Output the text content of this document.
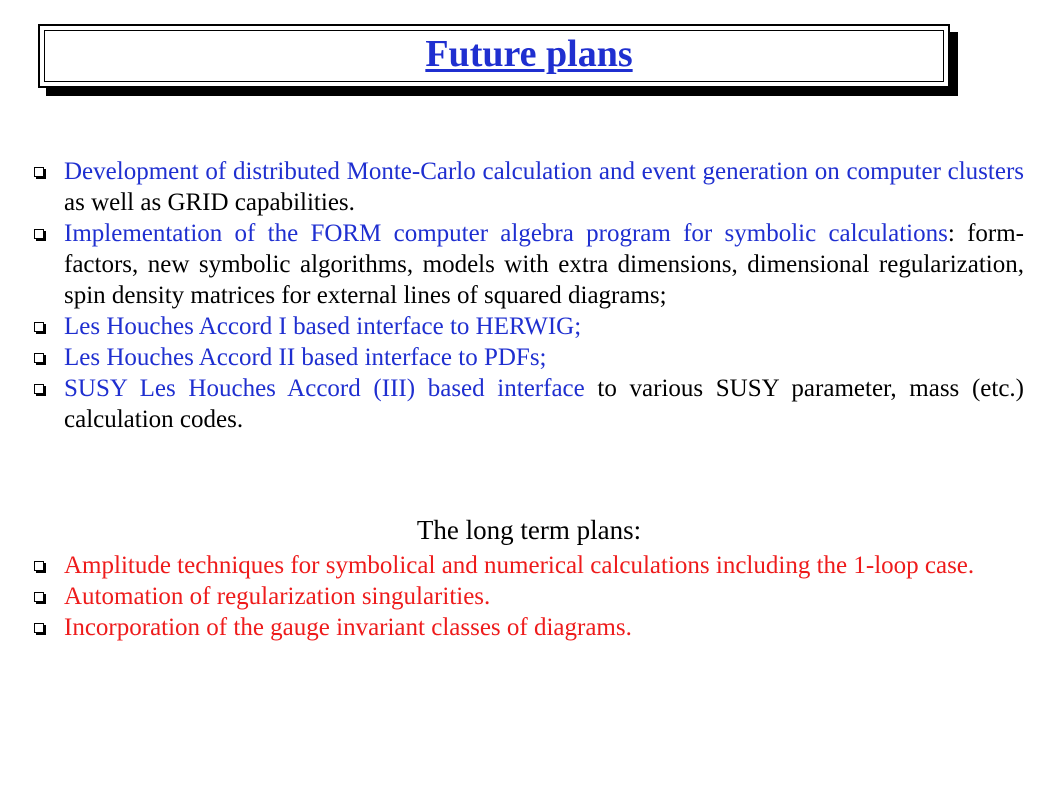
Future plans
Development of distributed Monte-Carlo calculation and event generation on computer clusters as well as GRID capabilities.
Implementation of the FORM computer algebra program for symbolic calculations: form-factors, new symbolic algorithms, models with extra dimensions, dimensional regularization, spin density matrices for external lines of squared diagrams;
Les Houches Accord I based interface to HERWIG;
Les Houches Accord II based interface to PDFs;
SUSY Les Houches Accord (III) based interface to various SUSY parameter, mass (etc.) calculation codes.
The long term plans:
Amplitude techniques for symbolical and numerical calculations including the 1-loop case.
Automation of regularization singularities.
Incorporation of the gauge invariant classes of diagrams.
